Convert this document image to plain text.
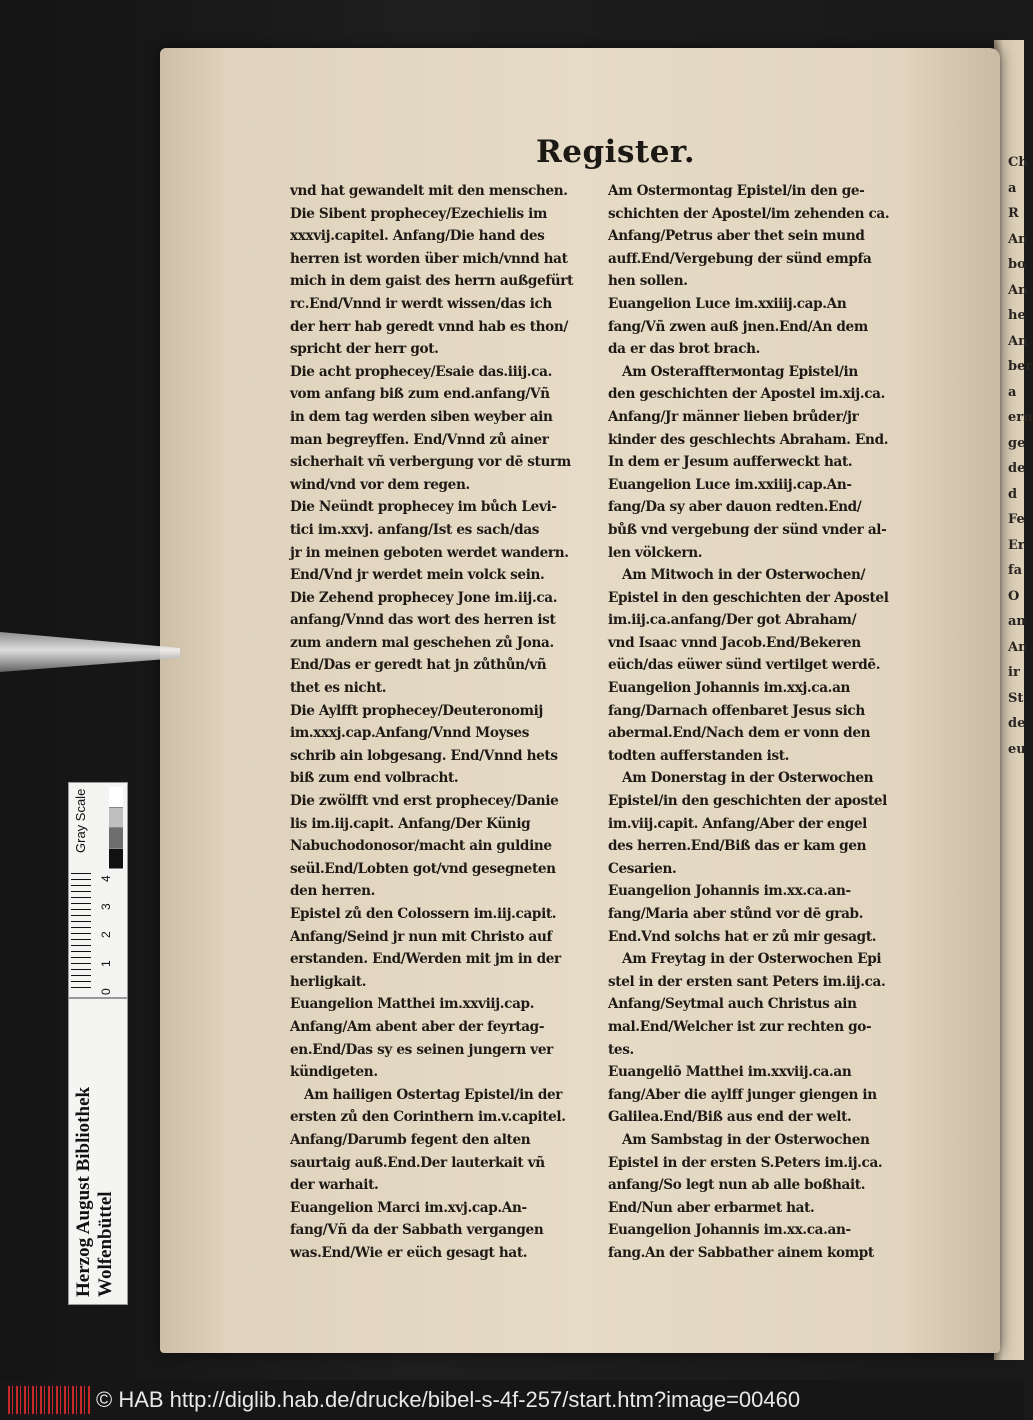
Ch
a
R
An
bo
An
he
An
ber
a
ern
ge
de
d
Fe
Er
fa
O
an
An
ir
St
de
eu
Register.
vnd hat gewandelt mit den menschen.
Die Sibent prophecey/Ezechielis im
xxxvij.capitel. Anfang/Die hand des
herren ist worden über mich/vnnd hat
mich in dem gaist des herrn außgefürt
rc.End/Vnnd ir werdt wissen/das ich
der herr hab geredt vnnd hab es thon/
spricht der herr got.
Die acht prophecey/Esaie das.iiij.ca.
vom anfang biß zum end.anfang/Vñ
in dem tag werden siben weyber ain
man begreyffen. End/Vnnd zů ainer
sicherhait vñ verbergung vor dē sturm
wind/vnd vor dem regen.
Die Neündt prophecey im bůch Levi-
tici im.xxvj. anfang/Ist es sach/das
jr in meinen geboten werdet wandern.
End/Vnd jr werdet mein volck sein.
Die Zehend prophecey Jone im.iij.ca.
anfang/Vnnd das wort des herren ist
zum andern mal geschehen zů Jona.
End/Das er geredt hat jn zůthůn/vñ
thet es nicht.
Die Aylfft prophecey/Deuteronomij
im.xxxj.cap.Anfang/Vnnd Moyses
schrib ain lobgesang. End/Vnnd hets
biß zum end volbracht.
Die zwölfft vnd erst prophecey/Danie
lis im.iij.capit. Anfang/Der Künig
Nabuchodonosor/macht ain guldine
seül.End/Lobten got/vnd gesegneten
den herren.
Epistel zů den Colossern im.iij.capit.
Anfang/Seind jr nun mit Christo auf
erstanden. End/Werden mit jm in der
herligkait.
Euangelion Matthei im.xxviij.cap.
Anfang/Am abent aber der feyrtag-
en.End/Das sy es seinen jungern ver
kündigeten.
Am hailigen Ostertag Epistel/in der
ersten zů den Corinthern im.v.capitel.
Anfang/Darumb fegent den alten
saurtaig auß.End.Der lauterkait vñ
der warhait.
Euangelion Marci im.xvj.cap.An-
fang/Vñ da der Sabbath vergangen
was.End/Wie er eüch gesagt hat.
Am Ostermontag Epistel/in den ge-
schichten der Apostel/im zehenden ca.
Anfang/Petrus aber thet sein mund
auff.End/Vergebung der sünd empfa
hen sollen.
Euangelion Luce im.xxiiij.cap.An
fang/Vñ zwen auß jnen.End/An dem
da er das brot brach.
Am Osteraffterмontag Epistel/in
den geschichten der Apostel im.xij.ca.
Anfang/Jr männer lieben brůder/jr
kinder des geschlechts Abraham. End.
In dem er Jesum aufferweckt hat.
Euangelion Luce im.xxiiij.cap.An-
fang/Da sy aber dauon redten.End/
bůß vnd vergebung der sünd vnder al-
len völckern.
Am Mitwoch in der Osterwochen/
Epistel in den geschichten der Apostel
im.iij.ca.anfang/Der got Abraham/
vnd Isaac vnnd Jacob.End/Bekeren
eüch/das eüwer sünd vertilget werdē.
Euangelion Johannis im.xxj.ca.an
fang/Darnach offenbaret Jesus sich
abermal.End/Nach dem er vonn den
todten aufferstanden ist.
Am Donerstag in der Osterwochen
Epistel/in den geschichten der apostel
im.viij.capit. Anfang/Aber der engel
des herren.End/Biß das er kam gen
Cesarien.
Euangelion Johannis im.xx.ca.an-
fang/Maria aber stůnd vor dē grab.
End.Vnd solchs hat er zů mir gesagt.
Am Freytag in der Osterwochen Epi
stel in der ersten sant Peters im.iij.ca.
Anfang/Seytmal auch Christus ain
mal.End/Welcher ist zur rechten go-
tes.
Euangeliō Matthei im.xxviij.ca.an
fang/Aber die aylff junger giengen in
Galilea.End/Biß aus end der welt.
Am Sambstag in der Osterwochen
Epistel in der ersten S.Peters im.ij.ca.
anfang/So legt nun ab alle boßhait.
End/Nun aber erbarmet hat.
Euangelion Johannis im.xx.ca.an-
fang.An der Sabbather ainem kompt
Gray Scale
0
1
2
3
4
Herzog August Bibliothek Wolfenbüttel
© HAB http://diglib.hab.de/drucke/bibel-s-4f-257/start.htm?image=00460
